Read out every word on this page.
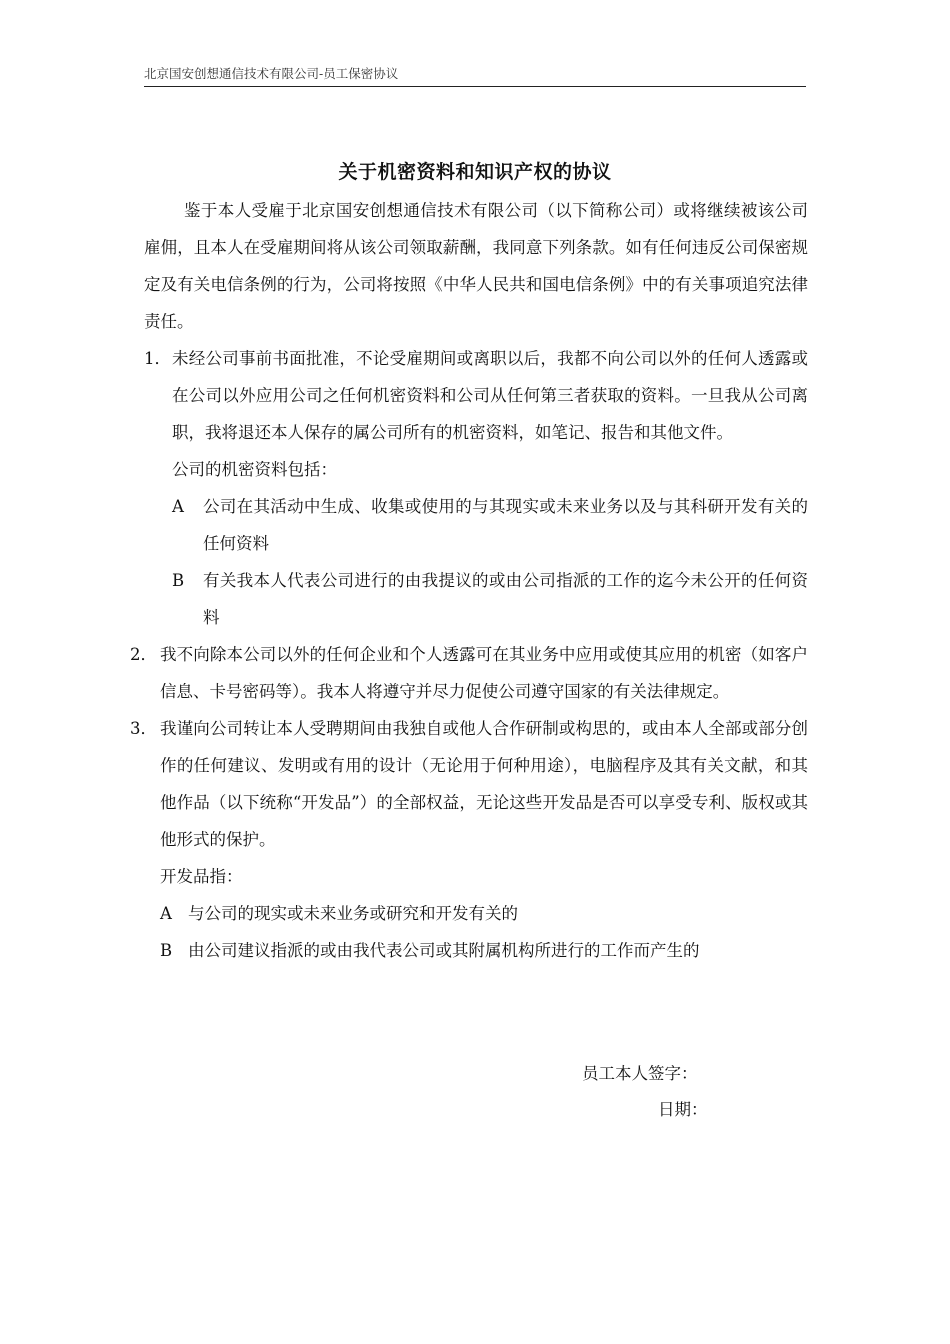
北京国安创想通信技术有限公司-员工保密协议
关于机密资料和知识产权的协议

鉴于本人受雇于北京国安创想通信技术有限公司（以下简称公司）或将继续被该公司雇佣，且本人在受雇期间将从该公司领取薪酬，我同意下列条款。如有任何违反公司保密规定及有关电信条例的行为，公司将按照《中华人民共和国电信条例》中的有关事项追究法律责任。

1． 未经公司事前书面批准，不论受雇期间或离职以后，我都不向公司以外的任何人透露或在公司以外应用公司之任何机密资料和公司从任何第三者获取的资料。一旦我从公司离职，我将退还本人保存的属公司所有的机密资料，如笔记、报告和其他文件。
公司的机密资料包括：
A 公司在其活动中生成、收集或使用的与其现实或未来业务以及与其科研开发有关的任何资料
B 有关我本人代表公司进行的由我提议的或由公司指派的工作的迄今未公开的任何资料
2． 我不向除本公司以外的任何企业和个人透露可在其业务中应用或使其应用的机密（如客户信息、卡号密码等）。我本人将遵守并尽力促使公司遵守国家的有关法律规定。
3． 我谨向公司转让本人受聘期间由我独自或他人合作研制或构思的，或由本人全部或部分创作的任何建议、发明或有用的设计（无论用于何种用途），电脑程序及其有关文献，和其他作品（以下统称“开发品”）的全部权益，无论这些开发品是否可以享受专利、版权或其他形式的保护。
开发品指：
A 与公司的现实或未来业务或研究和开发有关的
B 由公司建议指派的或由我代表公司或其附属机构所进行的工作而产生的
员工本人签字：
日期：
